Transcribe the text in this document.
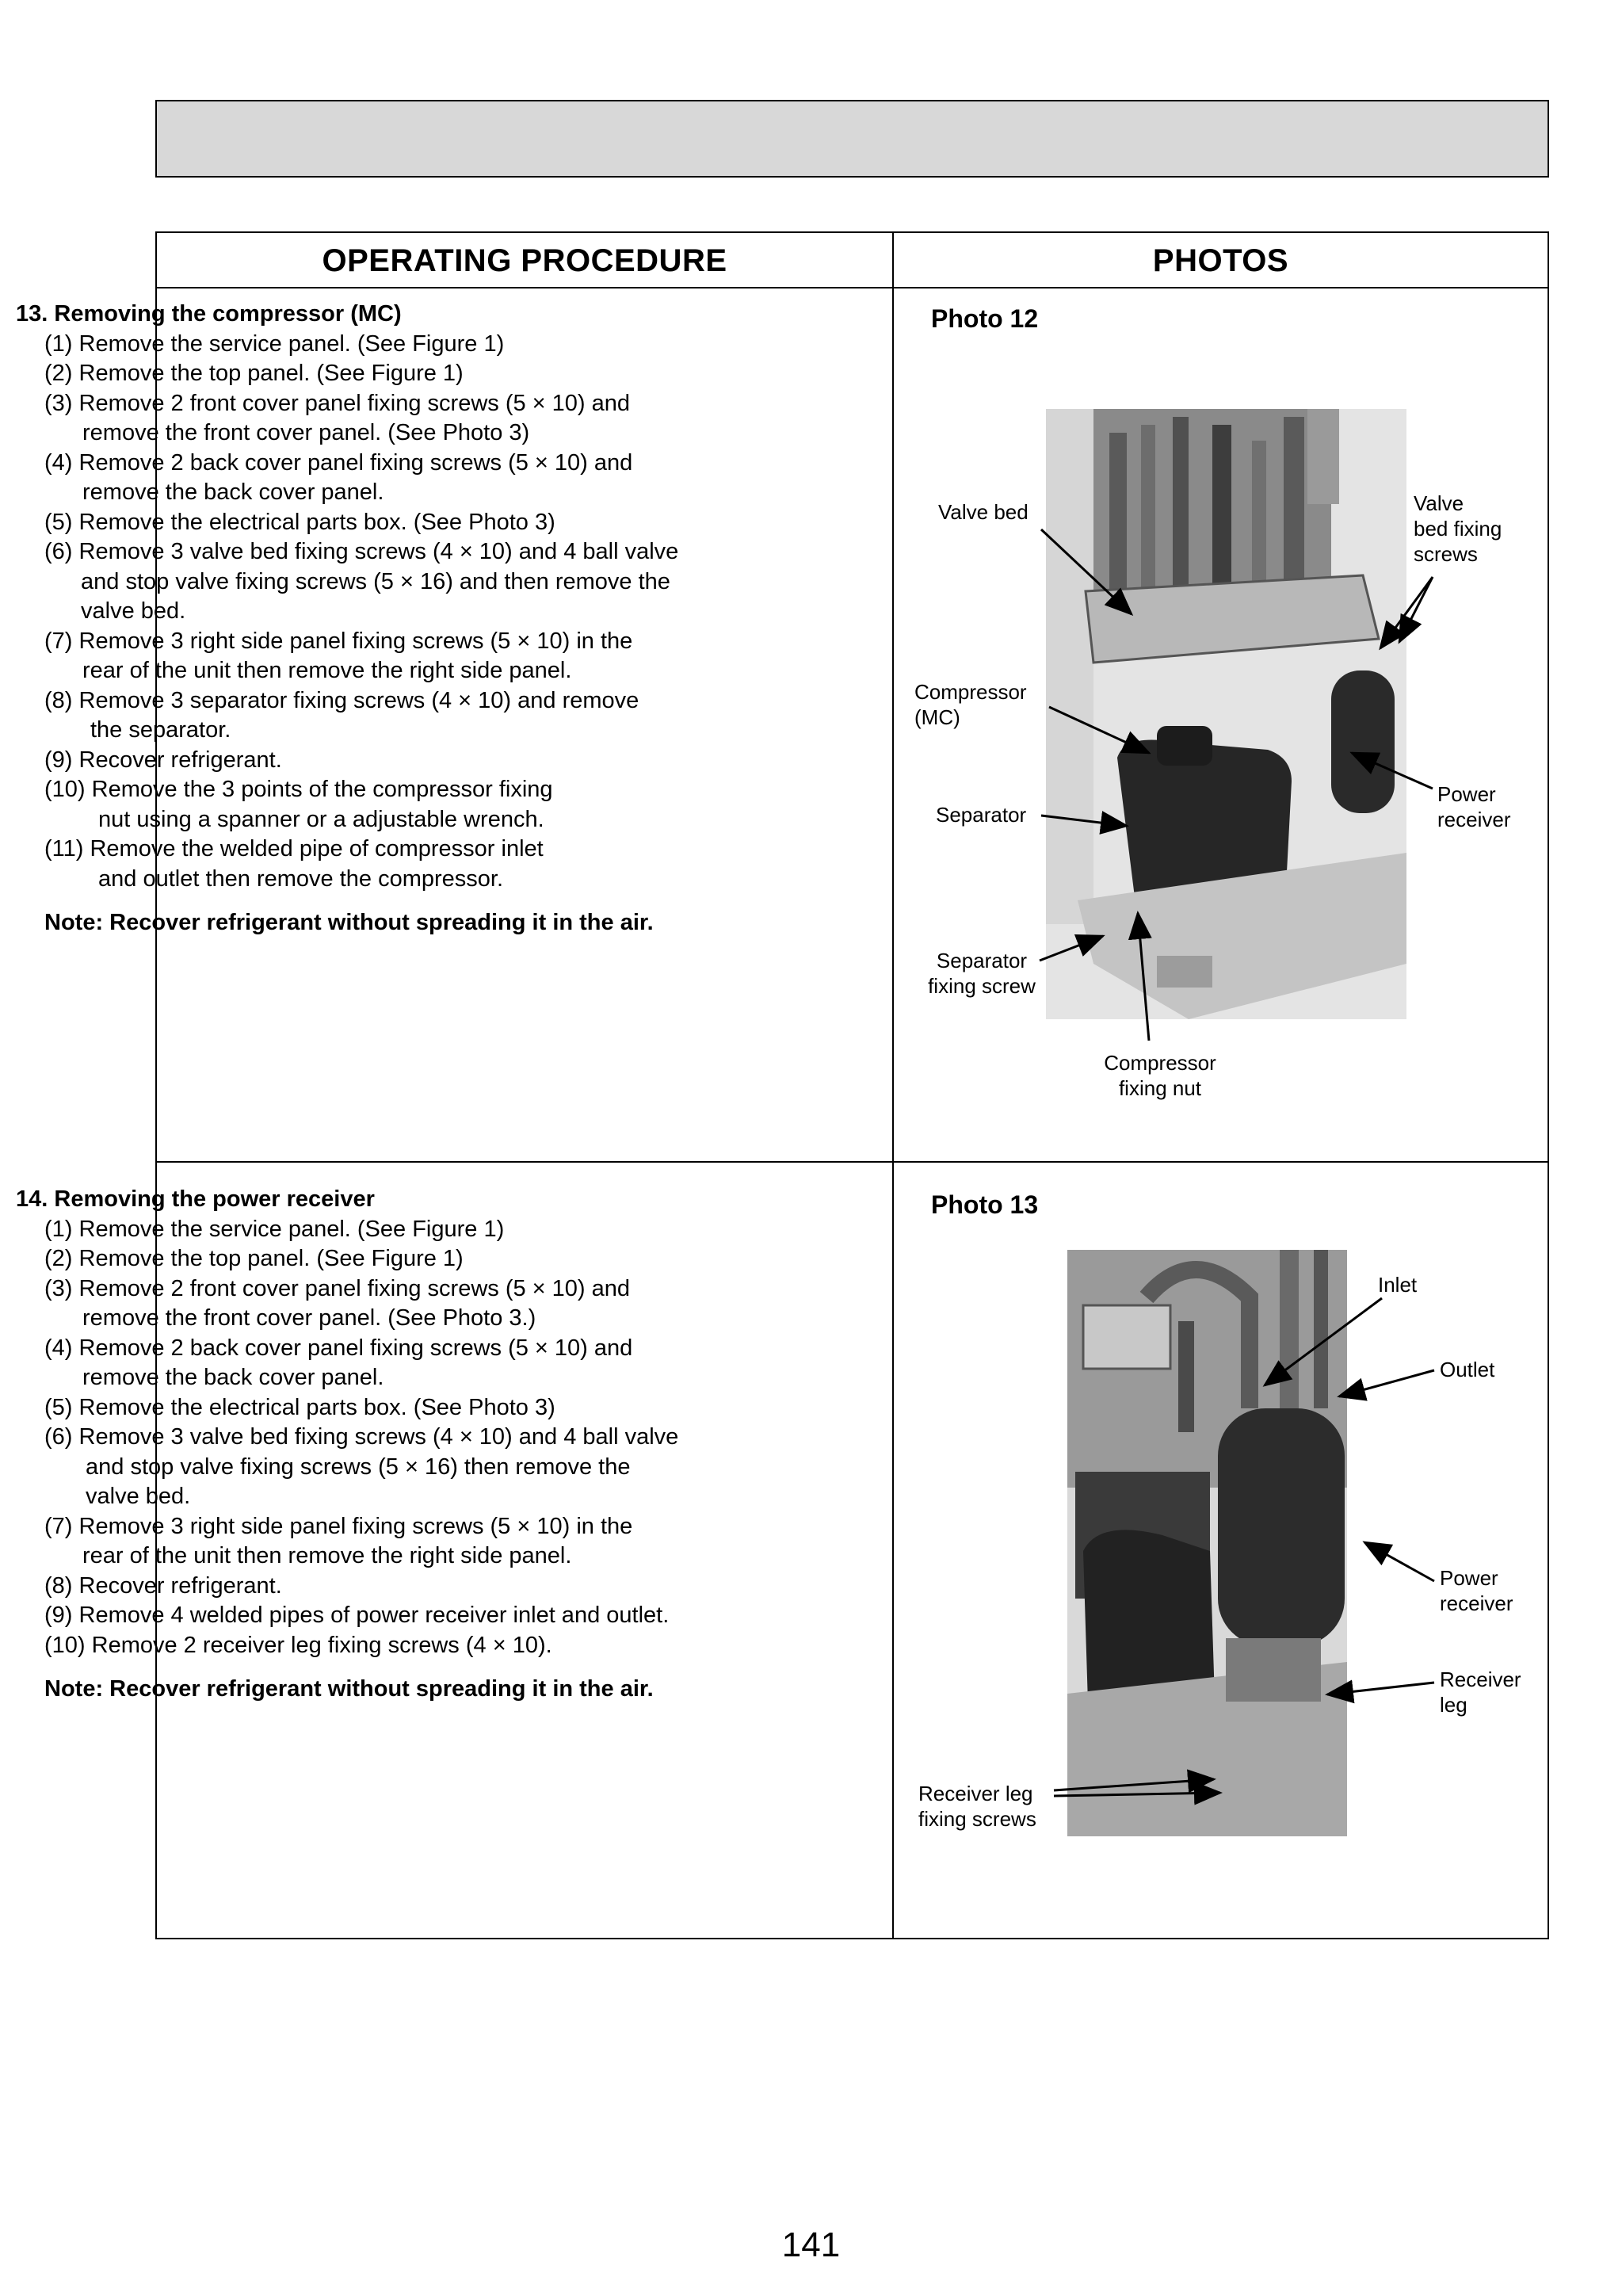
OPERATING PROCEDURE	PHOTOS
13. Removing the compressor (MC)
(1) Remove the service panel. (See Figure 1)
(2) Remove the top panel. (See Figure 1)
(3) Remove 2 front cover panel fixing screws (5 × 10) and
remove the front cover panel. (See Photo 3)
(4) Remove 2 back cover panel fixing screws (5 × 10) and
remove the back cover panel.
(5) Remove the electrical parts box. (See Photo 3)
(6) Remove 3 valve bed fixing screws (4 × 10) and 4 ball valve
and stop valve fixing screws (5 × 16) and then remove the
valve bed.
(7) Remove 3 right side panel fixing screws (5 × 10) in the
rear of the unit then remove the right side panel.
(8) Remove 3 separator fixing screws (4 × 10) and remove
the separator.
(9) Recover refrigerant.
(10) Remove the 3 points of the compressor fixing
nut using a spanner or a adjustable wrench.
(11) Remove the welded pipe of compressor inlet
and outlet then remove the compressor.
Note: Recover refrigerant without spreading it in the air.
14. Removing the power receiver
(1) Remove the service panel. (See Figure 1)
(2) Remove the top panel. (See Figure 1)
(3) Remove 2 front cover panel fixing screws (5 × 10) and
remove the front cover panel. (See Photo 3.)
(4) Remove 2 back cover panel fixing screws (5 × 10) and
remove the back cover panel.
(5) Remove the electrical parts box. (See Photo 3)
(6) Remove 3 valve bed fixing screws (4 × 10) and 4 ball valve
and stop valve fixing screws (5 × 16) then remove the
valve bed.
(7) Remove 3 right side panel fixing screws (5 × 10) in the
rear of the unit then remove the right side panel.
(8) Recover refrigerant.
(9) Remove 4 welded pipes of power receiver inlet and outlet.
(10) Remove 2 receiver leg fixing screws (4 × 10).
Note: Recover refrigerant without spreading it in the air.
Photo 12
Photo 13
Valve bed	Valve
bed fixing
screws
Compressor
(MC)
Separator
Power
receiver
Separator
fixing screw
Compressor
fixing nut
Inlet
Outlet
Power
receiver
Receiver
leg
Receiver leg
fixing screws
141
